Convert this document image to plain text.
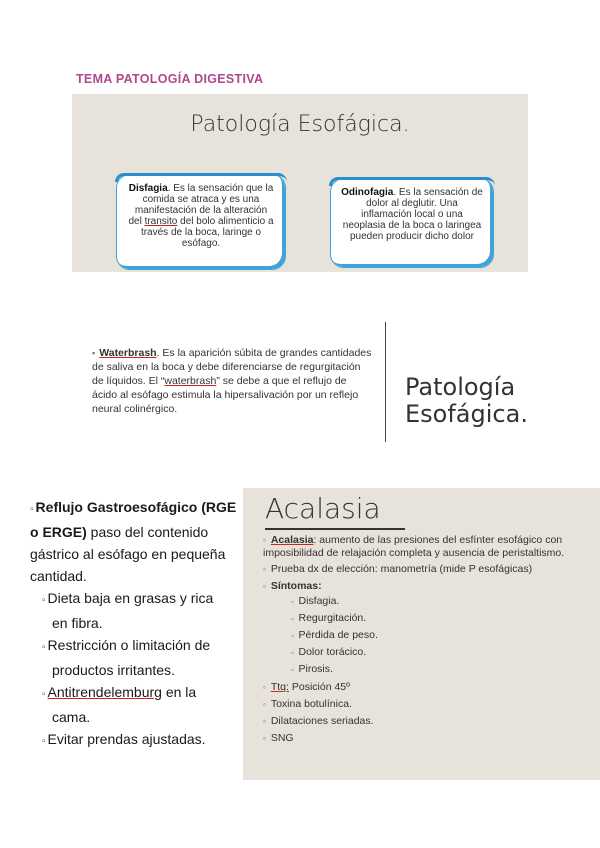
TEMA PATOLOGÍA DIGESTIVA
Patología Esofágica.
Disfagia. Es la sensación que la comida se atraca y es una manifestación de la alteración del transito del bolo alimenticio a través de la boca, laringe o esófago.
Odinofagia. Es la sensación de dolor al deglutir. Una inflamación local o una neoplasia de la boca o laringea pueden producir dicho dolor
▪ Waterbrash. Es la aparición súbita de grandes cantidades de saliva en la boca y debe diferenciarse de regurgitación de líquidos. El “waterbrash” se debe a que el reflujo de ácido al esófago estimula la hipersalivación por un reflejo neural colinérgico.
Patología Esofágica.
▫ Reflujo Gastroesofágico (RGE o ERGE) paso del contenido gástrico al esófago en pequeña cantidad.
▫ Dieta baja en grasas y rica
en fibra.
▫ Restricción o limitación de
productos irritantes.
▫ Antitrendelemburg en la
cama.
▫ Evitar prendas ajustadas.
Acalasia
▫ Acalasia: aumento de las presiones del esfínter esofágico con imposibilidad de relajación completa y ausencia de peristaltismo.
▫ Prueba dx de elección: manometría (mide P esofágicas)
▫ Síntomas:
▫ Disfagia.
▫ Regurgitación.
▫ Pérdida de peso.
▫ Dolor torácico.
▫ Pirosis.
▫ Ttq: Posición 45º
▫ Toxina botulínica.
▫ Dilataciones seriadas.
▫ SNG
